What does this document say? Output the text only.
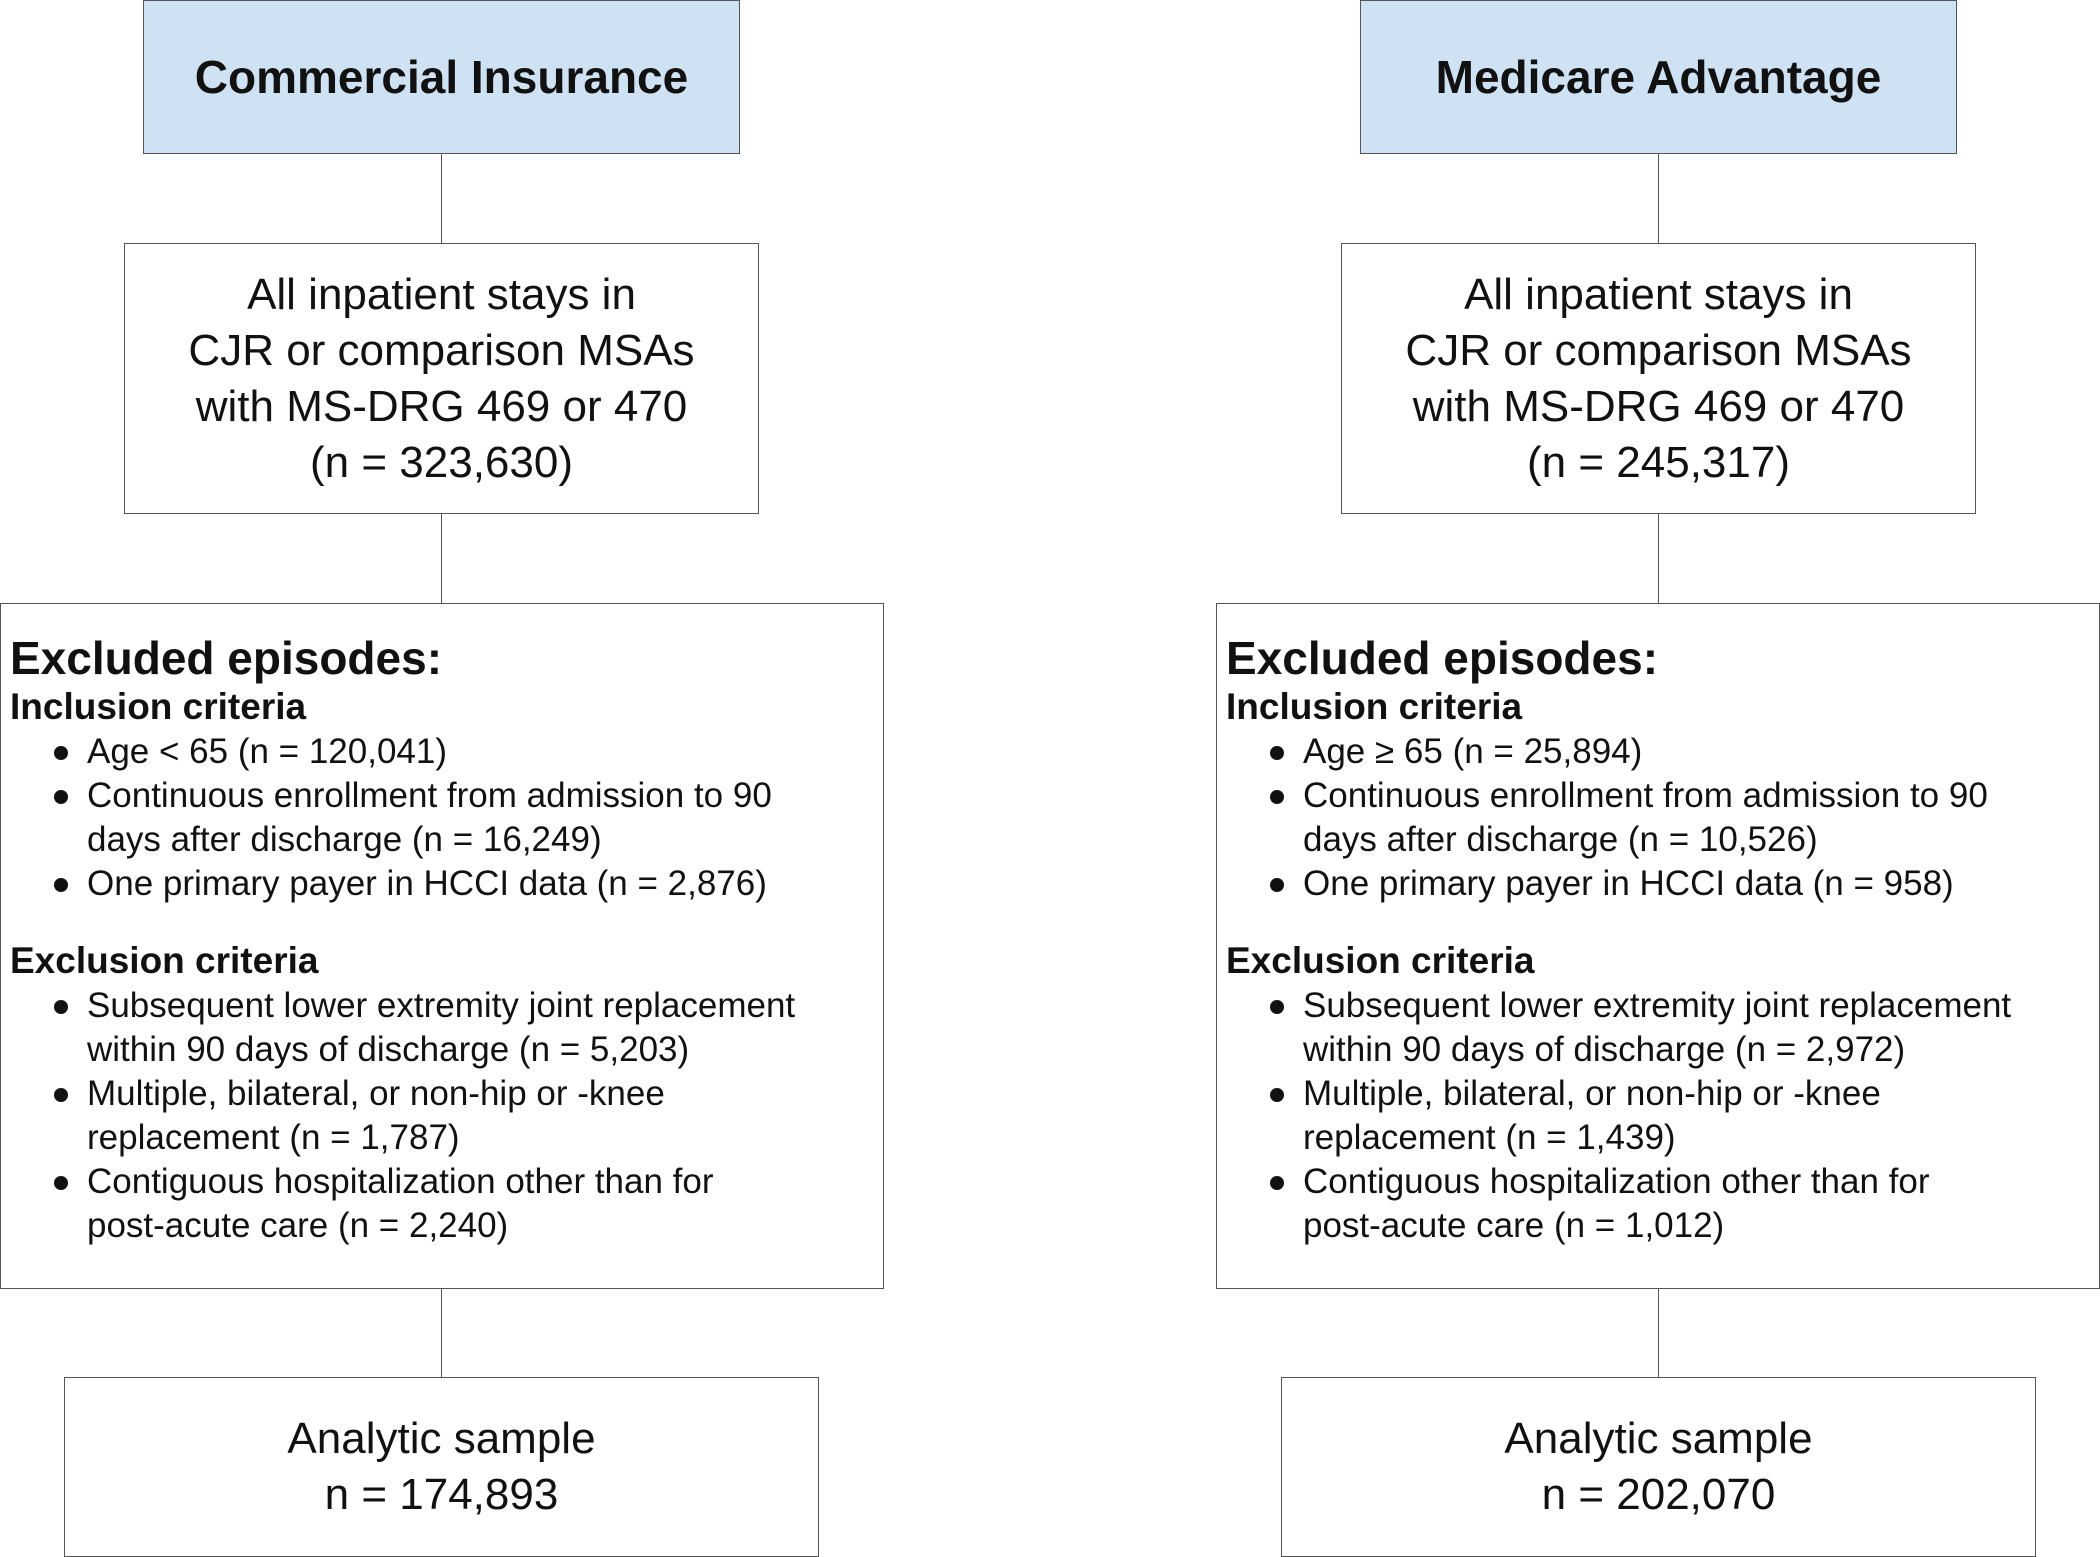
Commercial Insurance
All inpatient stays in
CJR or comparison MSAs
with MS-DRG 469 or 470
(n = 323,630)
Excluded episodes:
Inclusion criteria
Age < 65 (n = 120,041)
Continuous enrollment from admission to 90
days after discharge (n = 16,249)
One primary payer in HCCI data (n = 2,876)
Exclusion criteria
Subsequent lower extremity joint replacement
within 90 days of discharge (n = 5,203)
Multiple, bilateral, or non-hip or -knee
replacement (n = 1,787)
Contiguous hospitalization other than for
post-acute care (n = 2,240)
Analytic sample
n = 174,893
Medicare Advantage
All inpatient stays in
CJR or comparison MSAs
with MS-DRG 469 or 470
(n = 245,317)
Excluded episodes:
Inclusion criteria
Age ≥ 65 (n = 25,894)
Continuous enrollment from admission to 90
days after discharge (n = 10,526)
One primary payer in HCCI data (n = 958)
Exclusion criteria
Subsequent lower extremity joint replacement
within 90 days of discharge (n = 2,972)
Multiple, bilateral, or non-hip or -knee
replacement (n = 1,439)
Contiguous hospitalization other than for
post-acute care (n = 1,012)
Analytic sample
n = 202,070
